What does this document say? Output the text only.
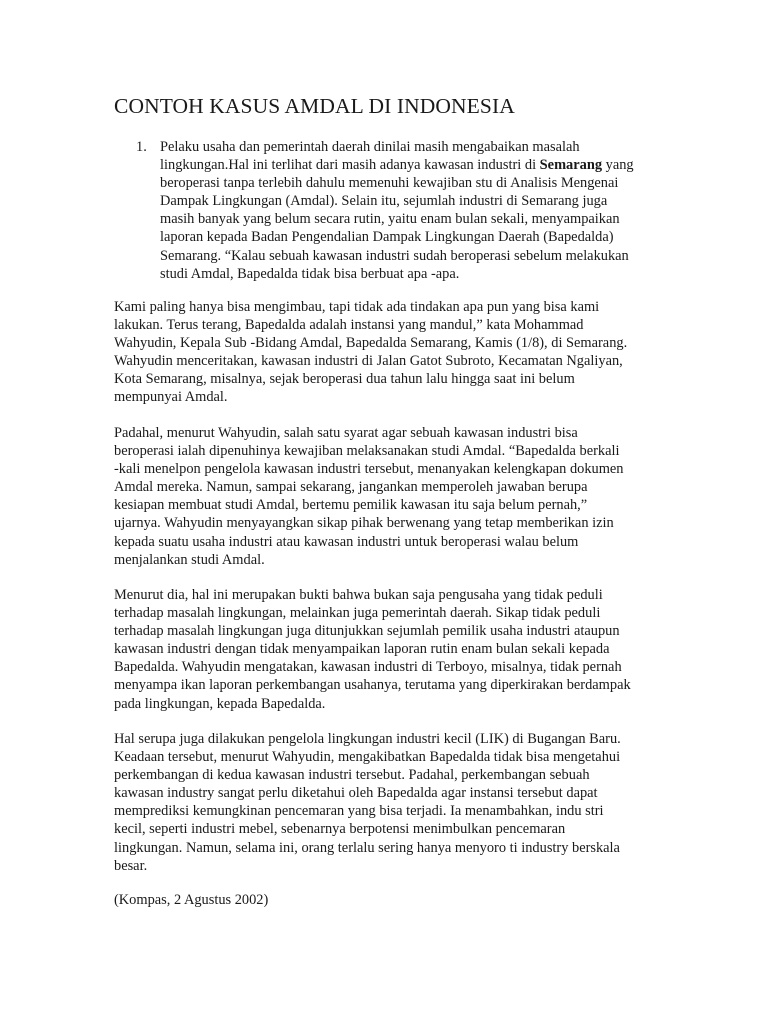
CONTOH KASUS AMDAL DI INDONESIA
1. Pelaku usaha dan pemerintah daerah dinilai masih mengabaikan masalah
lingkungan.Hal ini terlihat dari masih adanya kawasan industri di Semarang yang
beroperasi tanpa terlebih dahulu memenuhi kewajiban stu di Analisis Mengenai
Dampak Lingkungan (Amdal). Selain itu, sejumlah industri di Semarang juga
masih banyak yang belum secara rutin, yaitu enam bulan sekali, menyampaikan
laporan kepada Badan Pengendalian Dampak Lingkungan Daerah (Bapedalda)
Semarang. “Kalau sebuah kawasan industri sudah beroperasi sebelum melakukan
studi Amdal, Bapedalda tidak bisa berbuat apa -apa.
Kami paling hanya bisa mengimbau, tapi tidak ada tindakan apa pun yang bisa kami
lakukan. Terus terang, Bapedalda adalah instansi yang mandul,” kata Mohammad
Wahyudin, Kepala Sub -Bidang Amdal, Bapedalda Semarang, Kamis (1/8), di Semarang.
Wahyudin menceritakan, kawasan industri di Jalan Gatot Subroto, Kecamatan Ngaliyan,
Kota Semarang, misalnya, sejak beroperasi dua tahun lalu hingga saat ini belum
mempunyai Amdal.
Padahal, menurut Wahyudin, salah satu syarat agar sebuah kawasan industri bisa
beroperasi ialah dipenuhinya kewajiban melaksanakan studi Amdal. “Bapedalda berkali
-kali menelpon pengelola kawasan industri tersebut, menanyakan kelengkapan dokumen
Amdal mereka. Namun, sampai sekarang, jangankan memperoleh jawaban berupa
kesiapan membuat studi Amdal, bertemu pemilik kawasan itu saja belum pernah,”
ujarnya. Wahyudin menyayangkan sikap pihak berwenang yang tetap memberikan izin
kepada suatu usaha industri atau kawasan industri untuk beroperasi walau belum
menjalankan studi Amdal.
Menurut dia, hal ini merupakan bukti bahwa bukan saja pengusaha yang tidak peduli
terhadap masalah lingkungan, melainkan juga pemerintah daerah. Sikap tidak peduli
terhadap masalah lingkungan juga ditunjukkan sejumlah pemilik usaha industri ataupun
kawasan industri dengan tidak menyampaikan laporan rutin enam bulan sekali kepada
Bapedalda. Wahyudin mengatakan, kawasan industri di Terboyo, misalnya, tidak pernah
menyampa ikan laporan perkembangan usahanya, terutama yang diperkirakan berdampak
pada lingkungan, kepada Bapedalda.
Hal serupa juga dilakukan pengelola lingkungan industri kecil (LIK) di Bugangan Baru.
Keadaan tersebut, menurut Wahyudin, mengakibatkan Bapedalda tidak bisa mengetahui
perkembangan di kedua kawasan industri tersebut. Padahal, perkembangan sebuah
kawasan industry sangat perlu diketahui oleh Bapedalda agar instansi tersebut dapat
memprediksi kemungkinan pencemaran yang bisa terjadi. Ia menambahkan, indu stri
kecil, seperti industri mebel, sebenarnya berpotensi menimbulkan pencemaran
lingkungan. Namun, selama ini, orang terlalu sering hanya menyoro ti industry berskala
besar.
(Kompas, 2 Agustus 2002)
